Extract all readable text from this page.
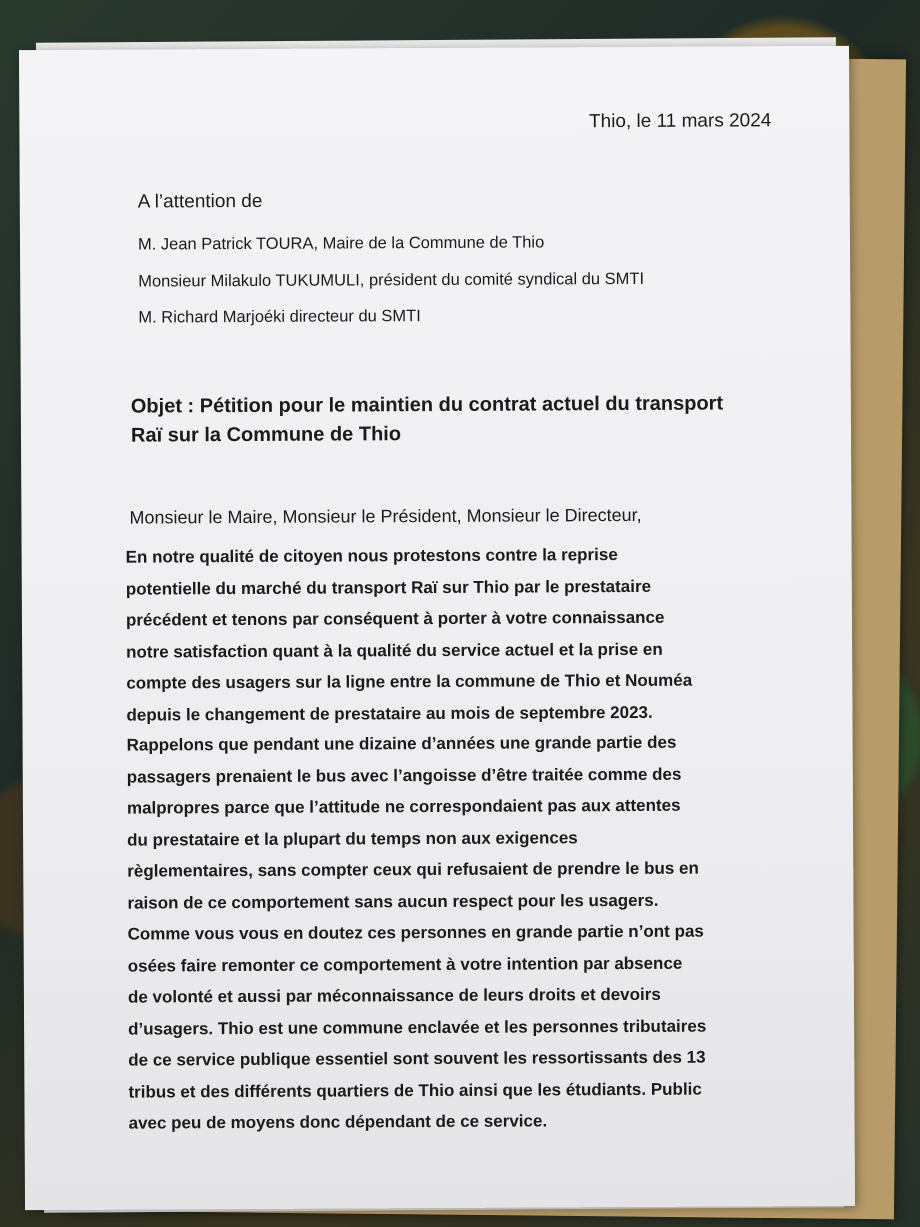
Thio, le 11 mars 2024
A l’attention de
M. Jean Patrick TOURA, Maire de la Commune de Thio
Monsieur Milakulo TUKUMULI, président du comité syndical du SMTI
M. Richard Marjoéki directeur du SMTI
Objet : Pétition pour le maintien du contrat actuel du transport
Raï sur la Commune de Thio
Monsieur le Maire, Monsieur le Président, Monsieur le Directeur,
En notre qualité de citoyen nous protestons contre la reprise
potentielle du marché du transport Raï sur Thio par le prestataire
précédent et tenons par conséquent à porter à votre connaissance
notre satisfaction quant à la qualité du service actuel et la prise en
compte des usagers sur la ligne entre la commune de Thio et Nouméa
depuis le changement de prestataire au mois de septembre 2023.
Rappelons que pendant une dizaine d’années une grande partie des
passagers prenaient le bus avec l’angoisse d’être traitée comme des
malpropres parce que l’attitude ne correspondaient pas aux attentes
du prestataire et la plupart du temps non aux exigences
règlementaires, sans compter ceux qui refusaient de prendre le bus en
raison de ce comportement sans aucun respect pour les usagers.
Comme vous vous en doutez ces personnes en grande partie n’ont pas
osées faire remonter ce comportement à votre intention par absence
de volonté et aussi par méconnaissance de leurs droits et devoirs
d’usagers. Thio est une commune enclavée et les personnes tributaires
de ce service publique essentiel sont souvent les ressortissants des 13
tribus et des différents quartiers de Thio ainsi que les étudiants. Public
avec peu de moyens donc dépendant de ce service.
